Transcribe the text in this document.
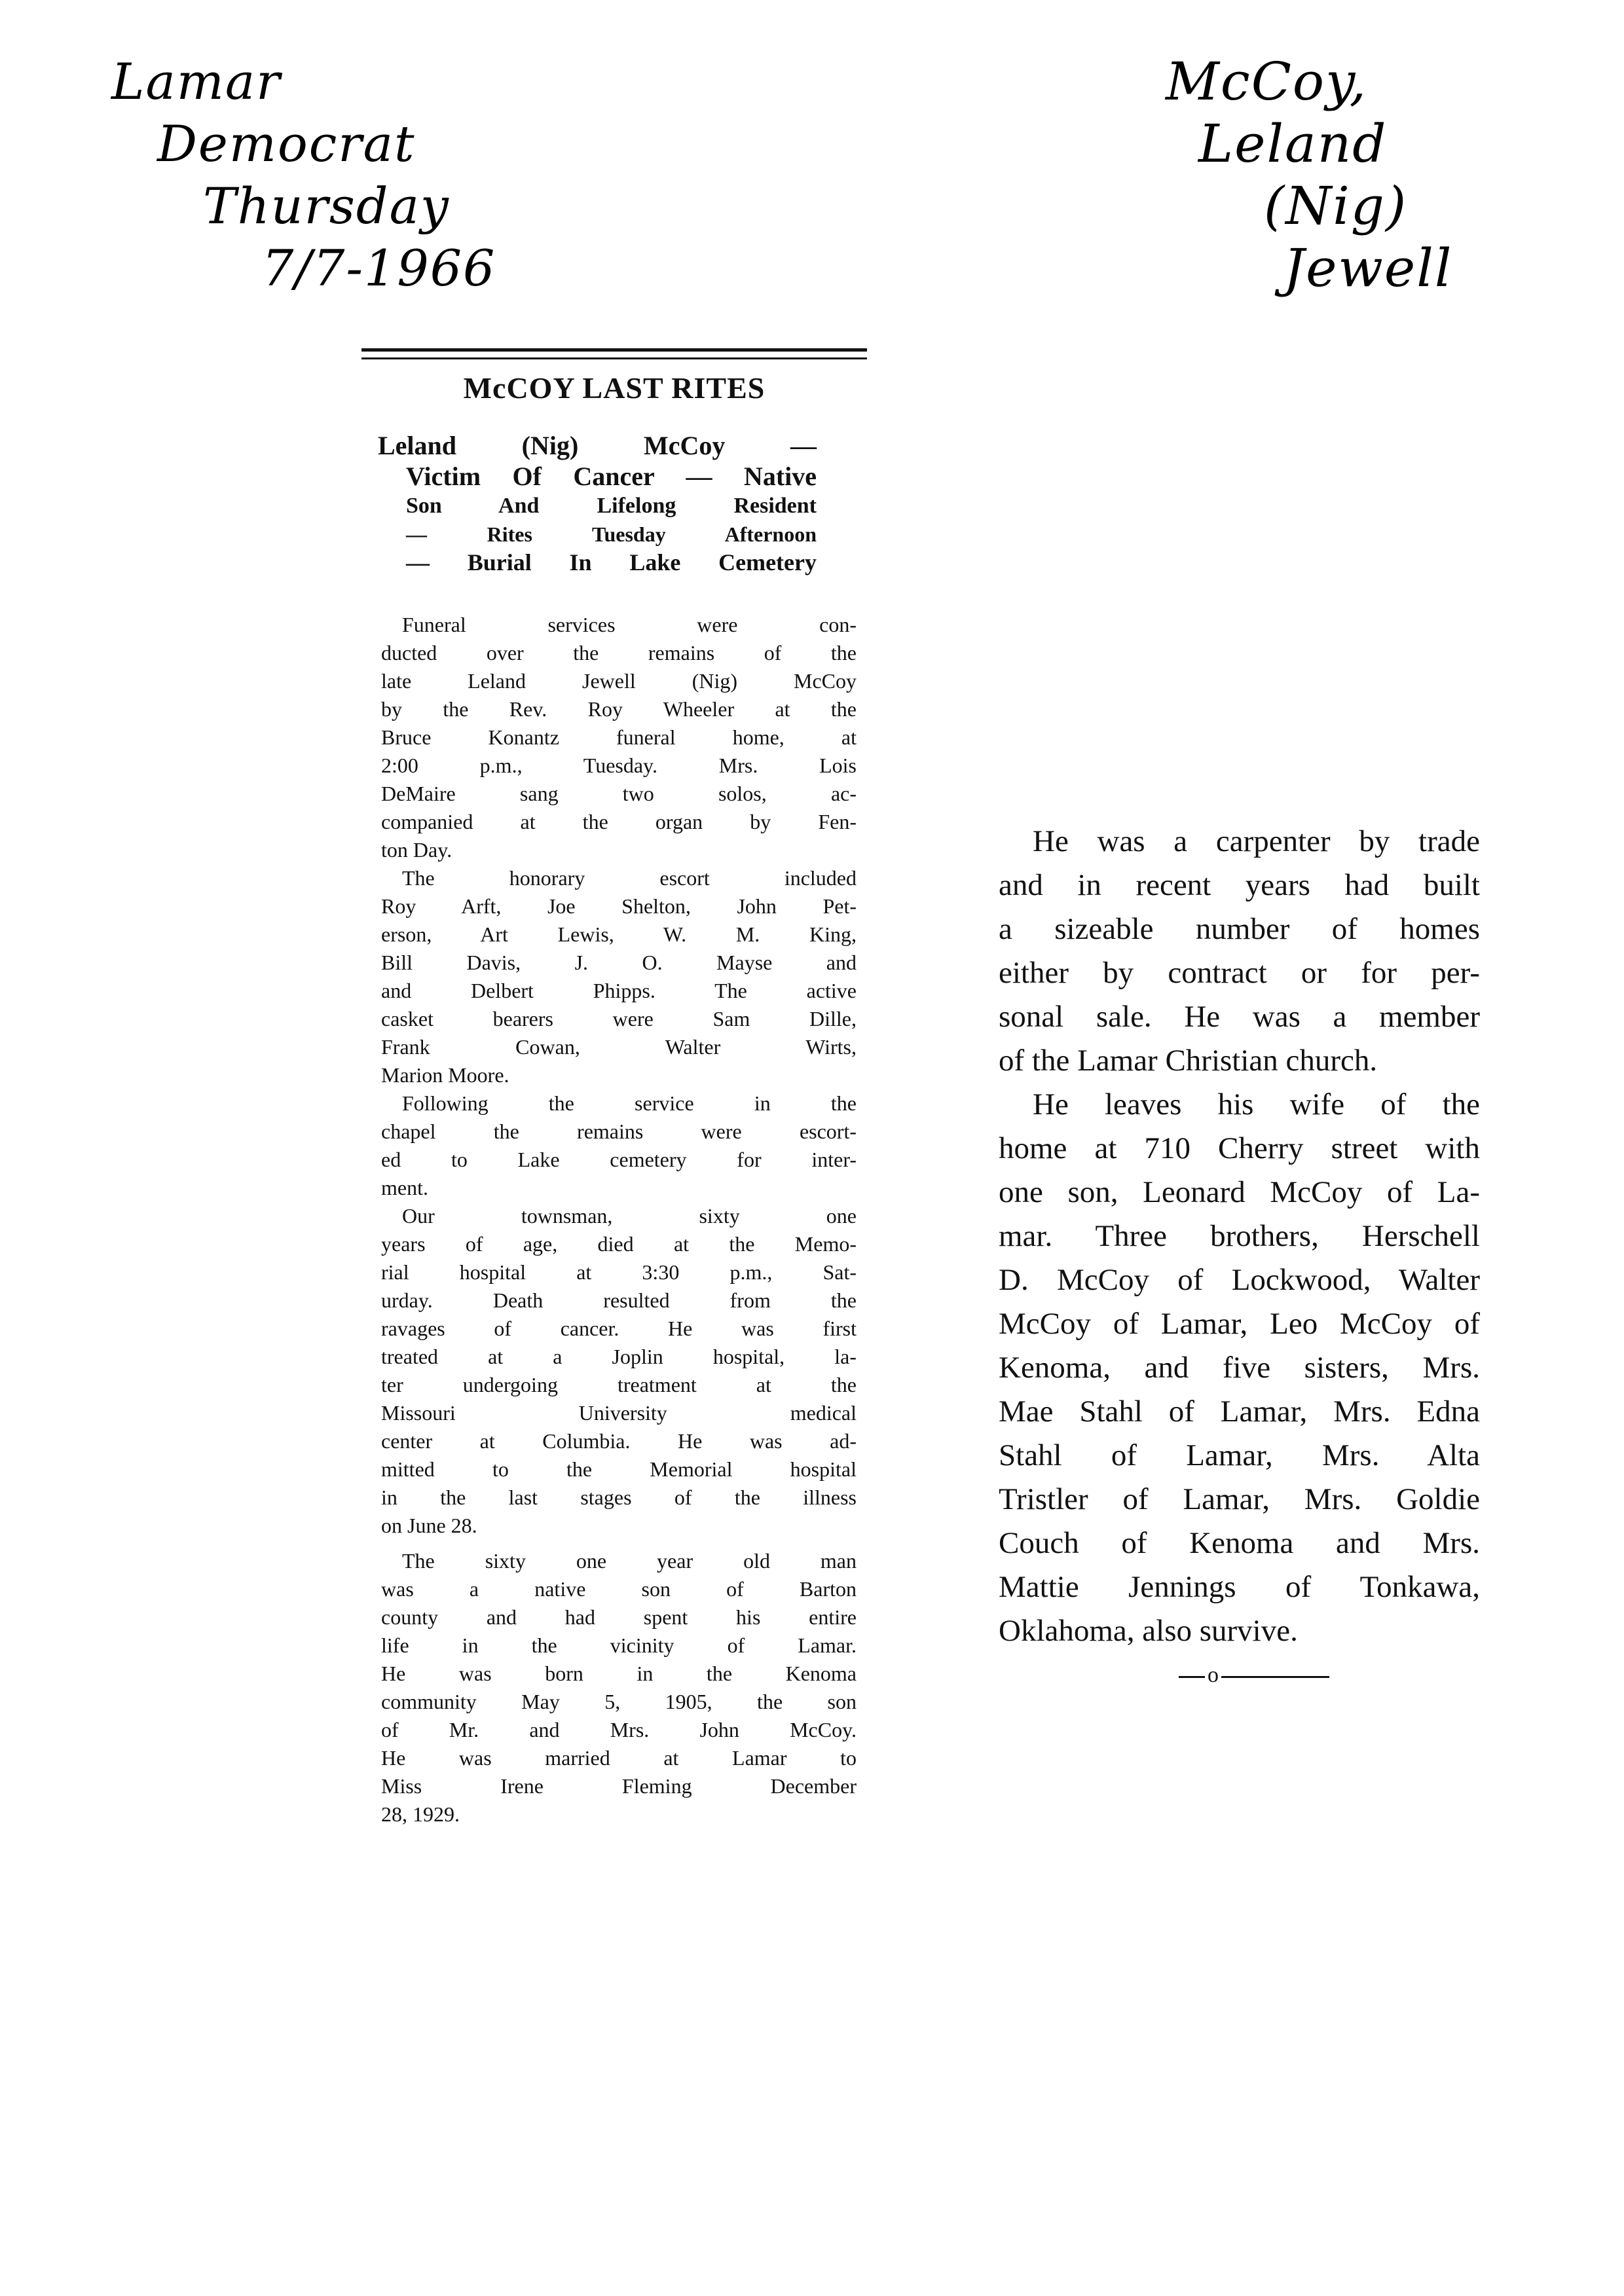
Lamar
Democrat
Thursday
7/7-1966
McCoy,
Leland
(Nig)
Jewell
McCOY LAST RITES
Leland (Nig) McCoy —
Victim Of Cancer — Native
Son And Lifelong Resident
— Rites Tuesday Afternoon
— Burial In Lake Cemetery
Funeral services were con-
ducted over the remains of the
late Leland Jewell (Nig) McCoy
by the Rev. Roy Wheeler at the
Bruce Konantz funeral home, at
2:00 p.m., Tuesday. Mrs. Lois
DeMaire sang two solos, ac-
companied at the organ by Fen-
ton Day.
The honorary escort included
Roy Arft, Joe Shelton, John Pet-
erson, Art Lewis, W. M. King,
Bill Davis, J. O. Mayse and
and Delbert Phipps. The active
casket bearers were Sam Dille,
Frank Cowan, Walter Wirts,
Marion Moore.
Following the service in the
chapel the remains were escort-
ed to Lake cemetery for inter-
ment.
Our townsman, sixty one
years of age, died at the Memo-
rial hospital at 3:30 p.m., Sat-
urday. Death resulted from the
ravages of cancer. He was first
treated at a Joplin hospital, la-
ter undergoing treatment at the
Missouri University medical
center at Columbia. He was ad-
mitted to the Memorial hospital
in the last stages of the illness
on June 28.
The sixty one year old man
was a native son of Barton
county and had spent his entire
life in the vicinity of Lamar.
He was born in the Kenoma
community May 5, 1905, the son
of Mr. and Mrs. John McCoy.
He was married at Lamar to
Miss Irene Fleming December
28, 1929.
He was a carpenter by trade
and in recent years had built
a sizeable number of homes
either by contract or for per-
sonal sale. He was a member
of the Lamar Christian church.
He leaves his wife of the
home at 710 Cherry street with
one son, Leonard McCoy of La-
mar. Three brothers, Herschell
D. McCoy of Lockwood, Walter
McCoy of Lamar, Leo McCoy of
Kenoma, and five sisters, Mrs.
Mae Stahl of Lamar, Mrs. Edna
Stahl of Lamar, Mrs. Alta
Tristler of Lamar, Mrs. Goldie
Couch of Kenoma and Mrs.
Mattie Jennings of Tonkawa,
Oklahoma, also survive.
o
